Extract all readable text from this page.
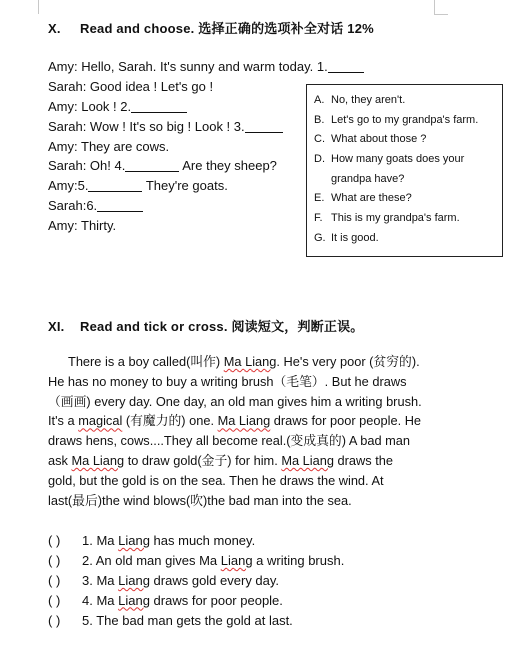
X. Read and choose. 选择正确的选项补全对话 12%
Amy: Hello, Sarah. It's sunny and warm today. 1.
Sarah: Good idea ! Let's go !
Amy: Look ! 2.
Sarah: Wow ! It's so big ! Look ! 3.
Amy: They are cows.
Sarah: Oh! 4.	Are they sheep?
Amy:5.	They're goats.
Sarah:6.
Amy: Thirty.
A. No, they aren't.
B. Let's go to my grandpa's farm.
C. What about those ?
D. How many goats does your
grandpa have?
E. What are these?
F. This is my grandpa's farm.
G. It is good.
XI. Read and tick or cross. 阅读短文，判断正误。

There is a boy called(叫作) Ma Liang. He's very poor (贫穷的).

He has no money to buy a writing brush（毛笔）. But he draws

（画画) every day. One day, an old man gives him a writing brush.

It's a magical (有魔力的) one. Ma Liang draws for poor people. He

draws hens, cows....They all become real.(变成真的) A bad man

ask Ma Liang to draw gold(金子) for him. Ma Liang draws the

gold, but the gold is on the sea. Then he draws the wind. At

last(最后)the wind blows(吹)the bad man into the sea.

( ) 1. Ma Liang has much money.
( ) 2. An old man gives Ma Liang a writing brush.
( ) 3. Ma Liang draws gold every day.
( ) 4. Ma Liang draws for poor people.
( ) 5. The bad man gets the gold at last.
